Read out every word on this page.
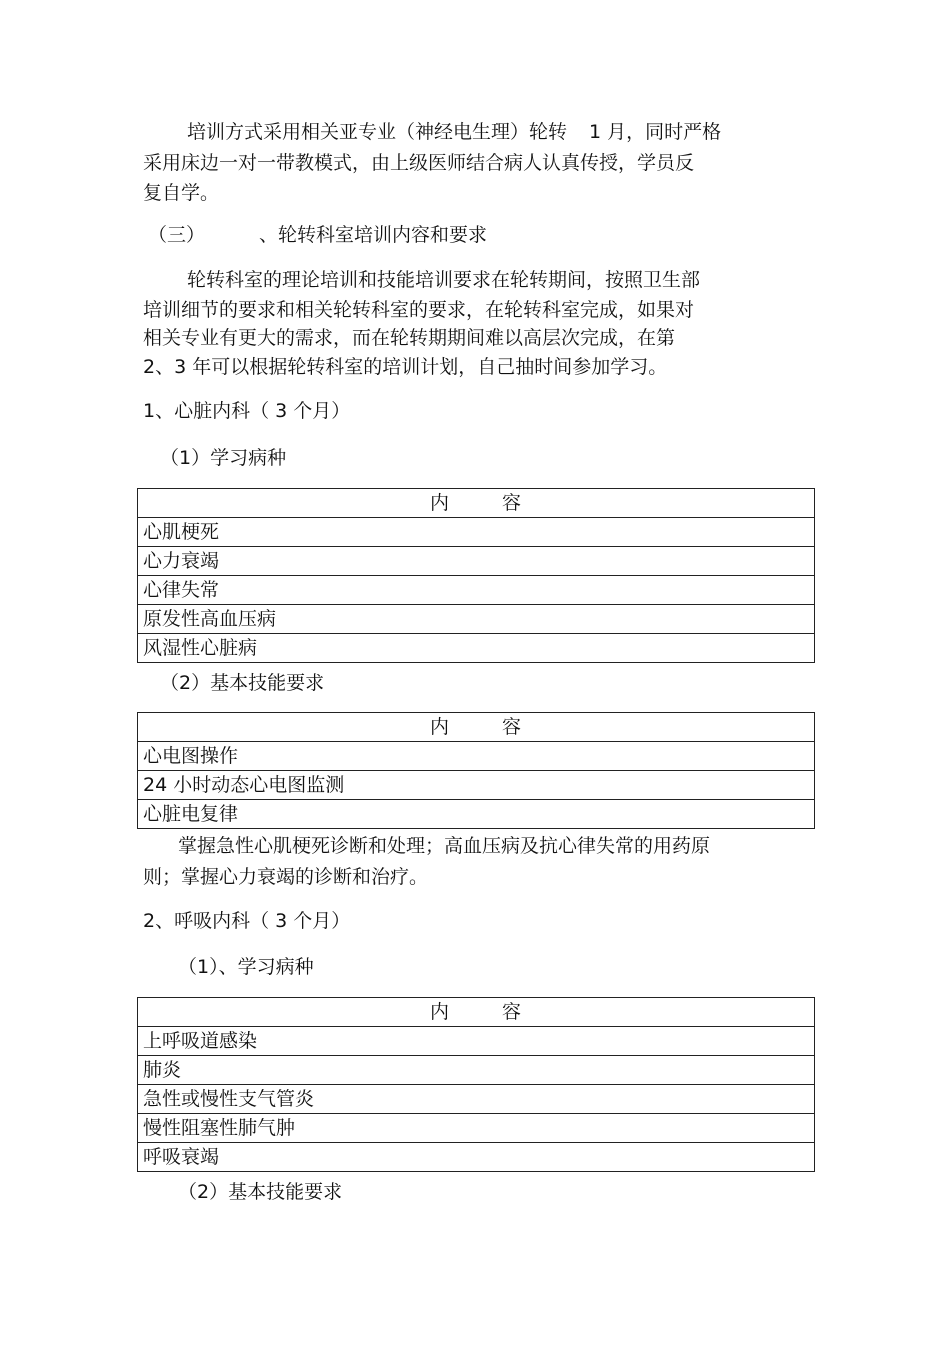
培训方式采用相关亚专业（神经电生理）轮转 1 月，同时严格
采用床边一对一带教模式，由上级医师结合病人认真传授，学员反
复自学。
（三）	、轮转科室培训内容和要求
轮转科室的理论培训和技能培训要求在轮转期间，按照卫生部
培训细节的要求和相关轮转科室的要求，在轮转科室完成，如果对
相关专业有更大的需求，而在轮转期期间难以高层次完成，在第
2、3 年可以根据轮转科室的培训计划，自己抽时间参加学习。
1、心脏内科（ 3 个月）
（1）学习病种
内	容
心肌梗死
心力衰竭
心律失常
原发性高血压病
风湿性心脏病
（2）基本技能要求
内	容
心电图操作
24 小时动态心电图监测
心脏电复律
掌握急性心肌梗死诊断和处理；高血压病及抗心律失常的用药原
则；掌握心力衰竭的诊断和治疗。
2、呼吸内科（ 3 个月）
（1）、学习病种
内	容
上呼吸道感染
肺炎
急性或慢性支气管炎
慢性阻塞性肺气肿
呼吸衰竭
（2）基本技能要求
